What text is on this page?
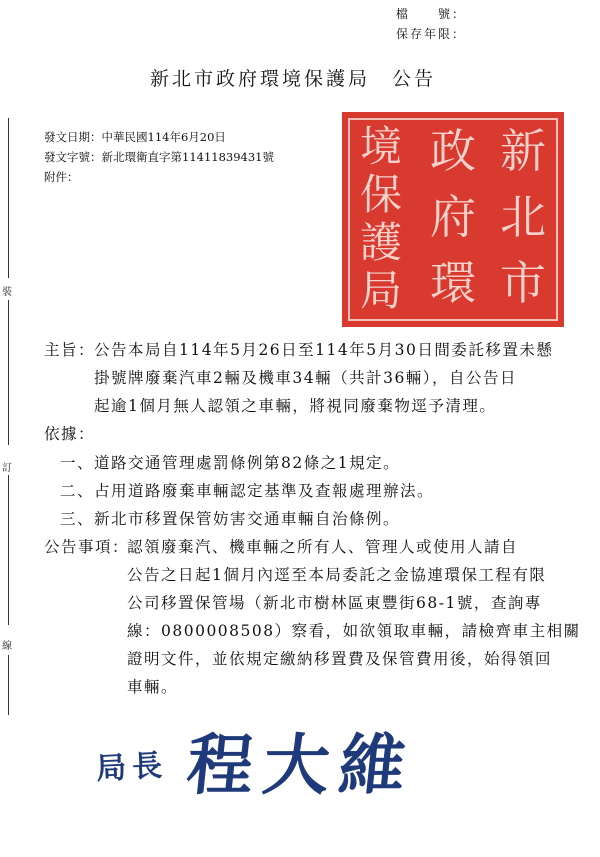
檔　　號：
保存年限：
新北市政府環境保護局 公告
裝
訂
線
發文日期：中華民國114年6月20日
發文字號：新北環衛直字第11411839431號
附件：	新
北
市
政
府
環
境
保
護
局
主旨：
公告本局自114年5月26日至114年5月30日間委託移置未懸
掛號牌廢棄汽車2輛及機車34輛（共計36輛），自公告日
起逾1個月無人認領之車輛，將視同廢棄物逕予清理。
依據：
一、道路交通管理處罰條例第82條之1規定。
二、占用道路廢棄車輛認定基準及查報處理辦法。
三、新北市移置保管妨害交通車輛自治條例。
公告事項：
認領廢棄汽、機車輛之所有人、管理人或使用人請自
公告之日起1個月內逕至本局委託之金協連環保工程有限
公司移置保管場（新北市樹林區東豐街68-1號，查詢專
線：0800008508）察看，如欲領取車輛，請檢齊車主相關
證明文件，並依規定繳納移置費及保管費用後，始得領回
車輛。
局長 程大維
